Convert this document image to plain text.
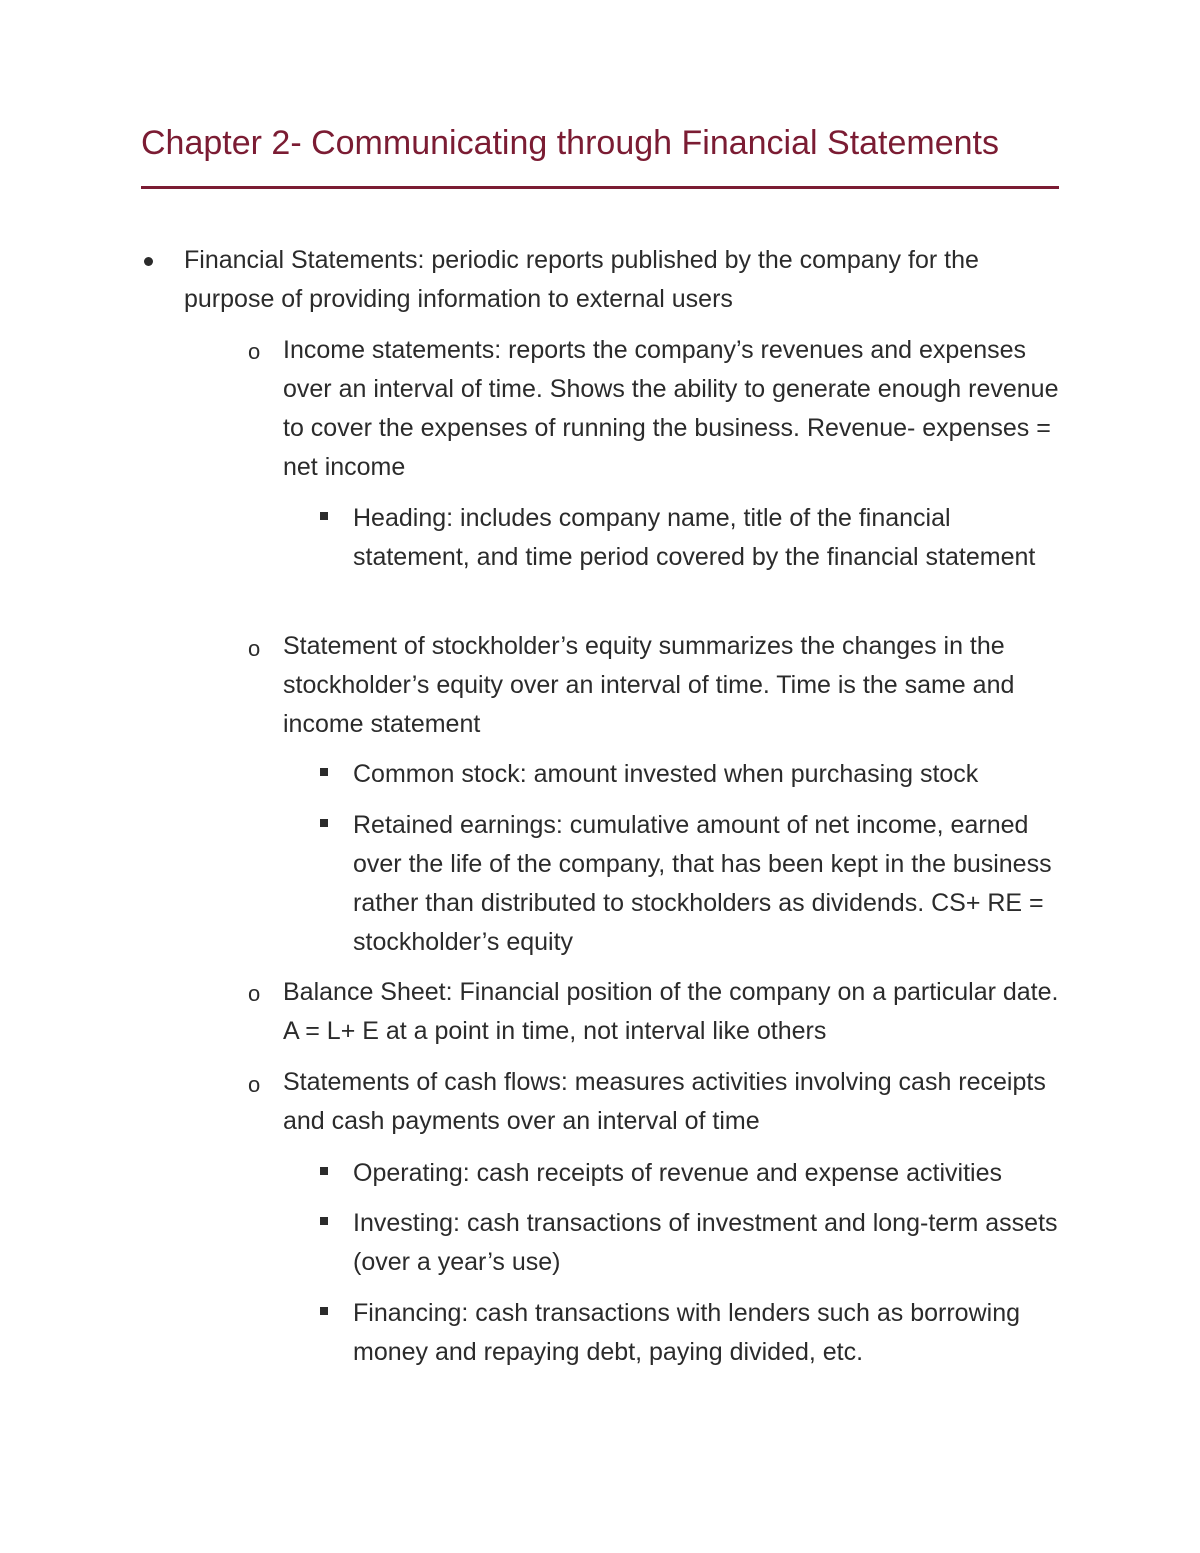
Chapter 2- Communicating through Financial Statements
Financial Statements: periodic reports published by the company for the purpose of providing information to external users
o Income statements: reports the company’s revenues and expenses over an interval of time. Shows the ability to generate enough revenue to cover the expenses of running the business. Revenue- expenses = net income
Heading: includes company name, title of the financial statement, and time period covered by the financial statement
o Statement of stockholder’s equity summarizes the changes in the stockholder’s equity over an interval of time. Time is the same and income statement
Common stock: amount invested when purchasing stock
Retained earnings: cumulative amount of net income, earned over the life of the company, that has been kept in the business rather than distributed to stockholders as dividends. CS+ RE = stockholder’s equity
o Balance Sheet: Financial position of the company on a particular date. A = L+ E at a point in time, not interval like others
o Statements of cash flows: measures activities involving cash receipts and cash payments over an interval of time
Operating: cash receipts of revenue and expense activities
Investing: cash transactions of investment and long-term assets (over a year’s use)
Financing: cash transactions with lenders such as borrowing money and repaying debt, paying divided, etc.
